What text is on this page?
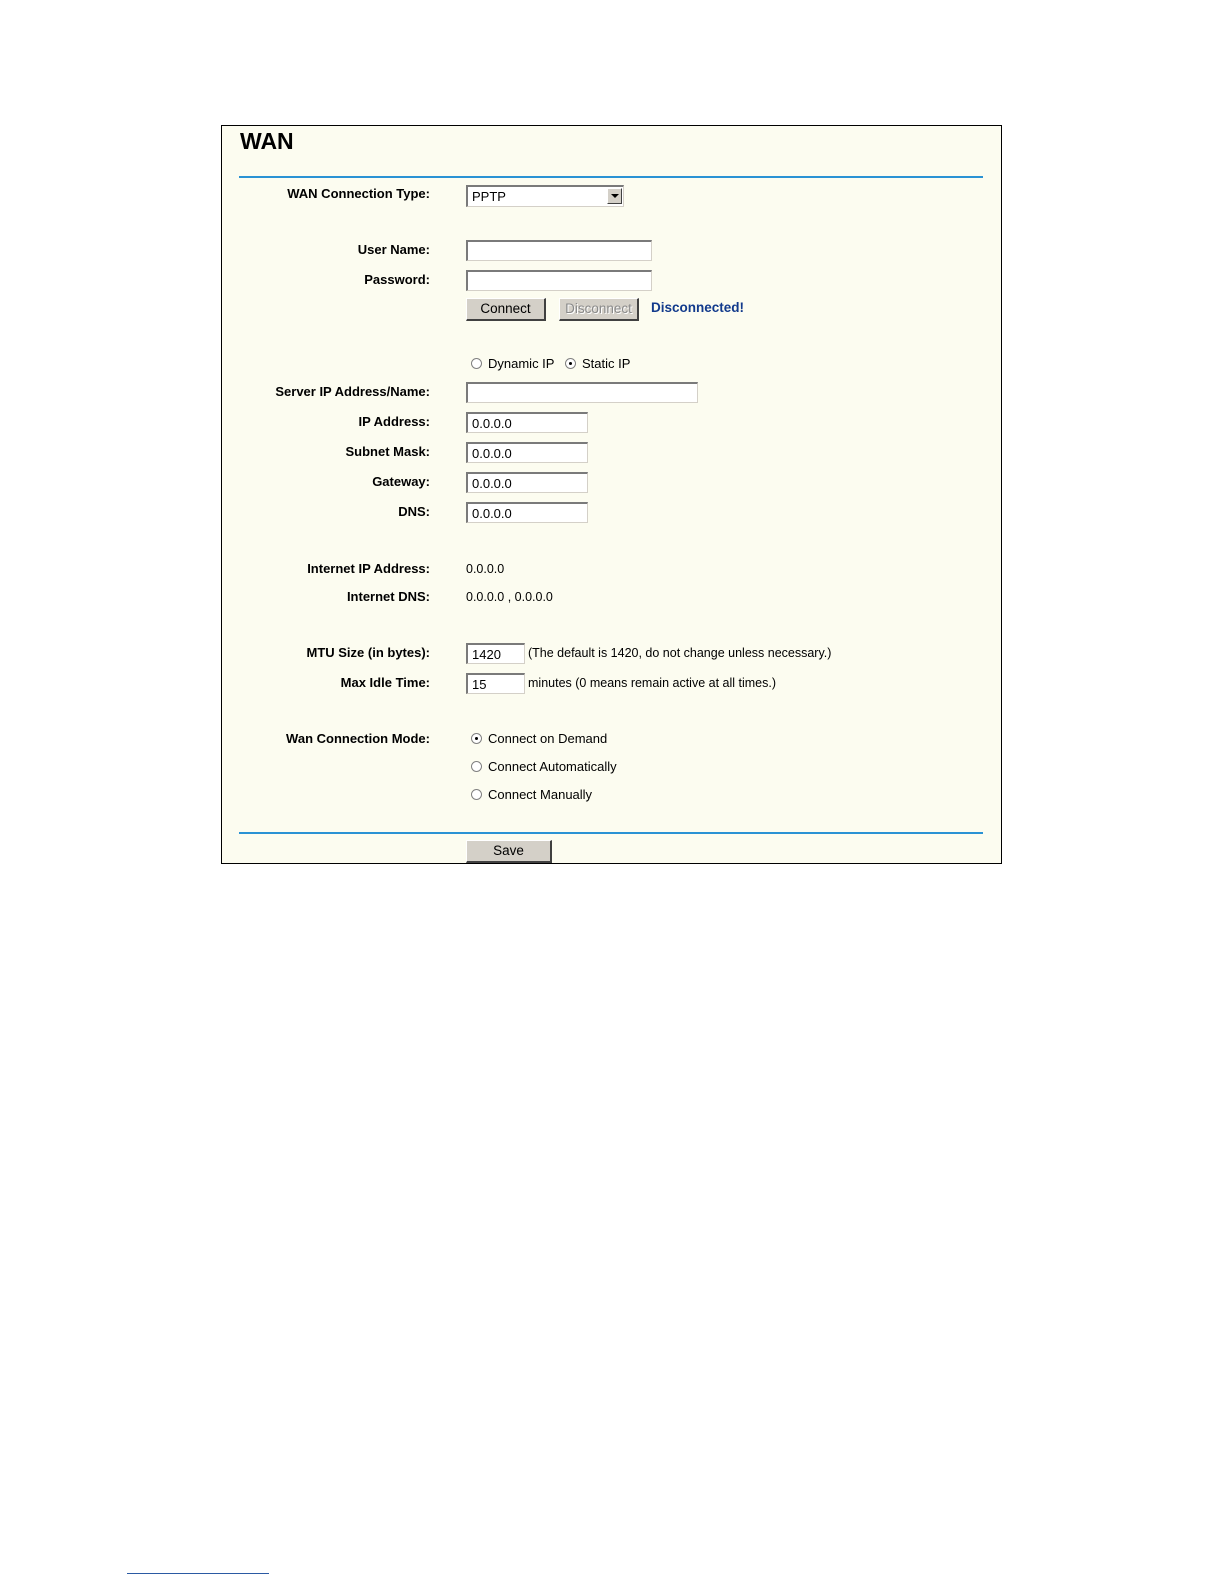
WAN
WAN Connection Type:	PPTP
User Name:
Password:
Connect	Disconnect	Disconnected!
Dynamic IP Static IP
Server IP Address/Name:
IP Address:	0.0.0.0
Subnet Mask:	0.0.0.0
Gateway:	0.0.0.0
DNS:	0.0.0.0
Internet IP Address:	0.0.0.0
Internet DNS:	0.0.0.0 , 0.0.0.0
MTU Size (in bytes):	1420	(The default is 1420, do not change unless necessary.)
Max Idle Time:	15	minutes (0 means remain active at all times.)
Wan Connection Mode:	Connect on Demand
Connect Automatically
Connect Manually
Save
